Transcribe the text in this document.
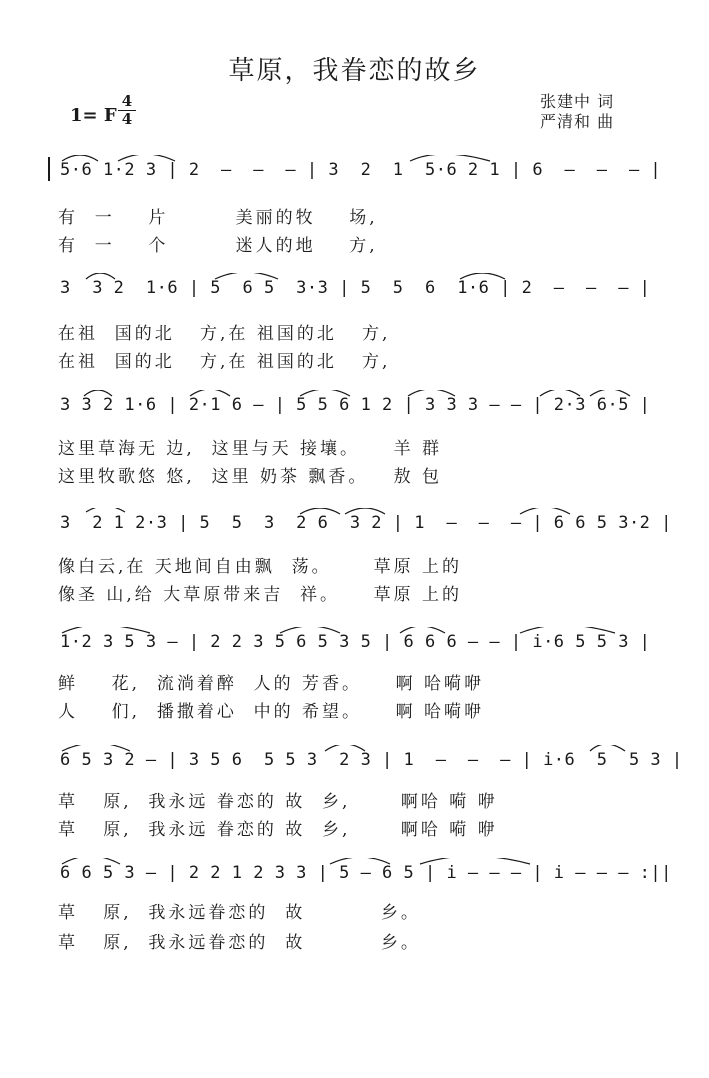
草原，我眷恋的故乡
1= F
4
4
张建中 词
严清和 曲
5·6 1·2 3 | 2  —  —  — | 3  2  1  5·6 2 1 | 6  —  —  — |
有  一    片        美丽的牧    场,
有  一    个        迷人的地    方,
3  3 2  1·6 | 5  6 5  3·3 | 5  5  6  1·6 | 2  —  —  — |
在祖  国的北   方,在 祖国的北   方,
在祖  国的北   方,在 祖国的北   方,
3 3 2 1·6 | 2·1 6 — | 5 5 6 1 2 | 3 3 3 — — | 2·3 6·5 |
这里草海无 边,  这里与天 接壤。    羊 群
这里牧歌悠 悠,  这里 奶茶 飘香。   敖 包
3  2 1 2·3 | 5  5  3  2 6  3 2 | 1  —  —  — | 6 6 5 3·2 |
像白云,在 天地间自由飘  荡。     草原 上的
像圣 山,给 大草原带来吉  祥。    草原 上的
1·2 3 5 3 — | 2 2 3 5 6 5 3 5 | 6 6 6 — — | i·6 5 5 3 |
鲜    花,  流淌着醉  人的 芳香。    啊 哈嗬咿
人    们,  播撒着心  中的 希望。    啊 哈嗬咿
6 5 3 2 — | 3 5 6  5 5 3  2 3 | 1  —  —  — | i·6  5  5 3 |
草   原,  我永远 眷恋的 故  乡,      啊哈 嗬 咿
草   原,  我永远 眷恋的 故  乡,      啊哈 嗬 咿
6 6 5 3 — | 2 2 1 2 3 3 | 5 — 6 5 | i — — — | i — — — :||
草   原,  我永远眷恋的  故         乡。
草   原,  我永远眷恋的  故         乡。
